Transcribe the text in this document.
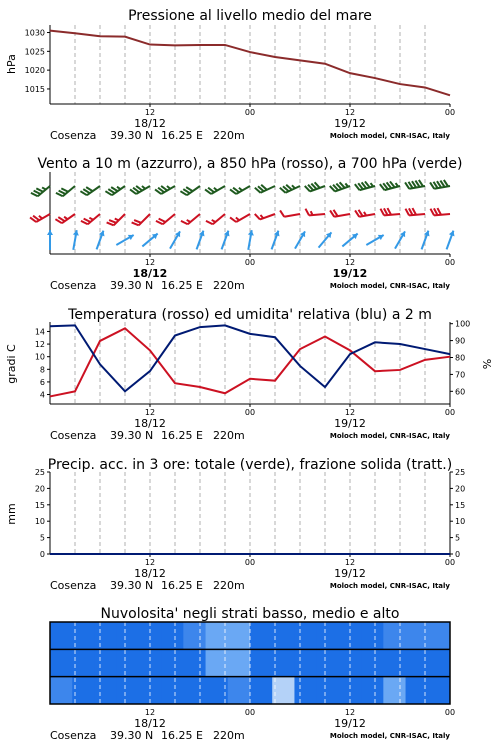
Pressione al livello medio del mare
Vento a 10 m (azzurro), a 850 hPa (rosso), a 700 hPa (verde)
Temperatura (rosso) ed umidita' relativa (blu) a 2 m
Precip. acc. in 3 ore: totale (verde), frazione solida (tratt.)
Nuvolosita' negli strati basso, medio e alto
hPa
gradi C	%
mm
Cosenza 39.30 N 16.25 E 220m	Moloch model, CNR-ISAC, Italy
Cosenza 39.30 N 16.25 E 220m	Moloch model, CNR-ISAC, Italy
Cosenza 39.30 N 16.25 E 220m	Moloch model, CNR-ISAC, Italy
Cosenza 39.30 N 16.25 E 220m	Moloch model, CNR-ISAC, Italy
Cosenza 39.30 N 16.25 E 220m	Moloch model, CNR-ISAC, Italy
12	00	12	00
18/12	19/12
1015
1020
1025
1030
12	00	12	00
18/12	19/12
12	00	12	00
18/12	19/12
4
6
8
10
12
14
60
70
80
90
100
12	00	12	00
18/12	19/12
0	0
5	5
10	10
15	15
20	20
25	25
12	00	12	00
18/12	19/12
